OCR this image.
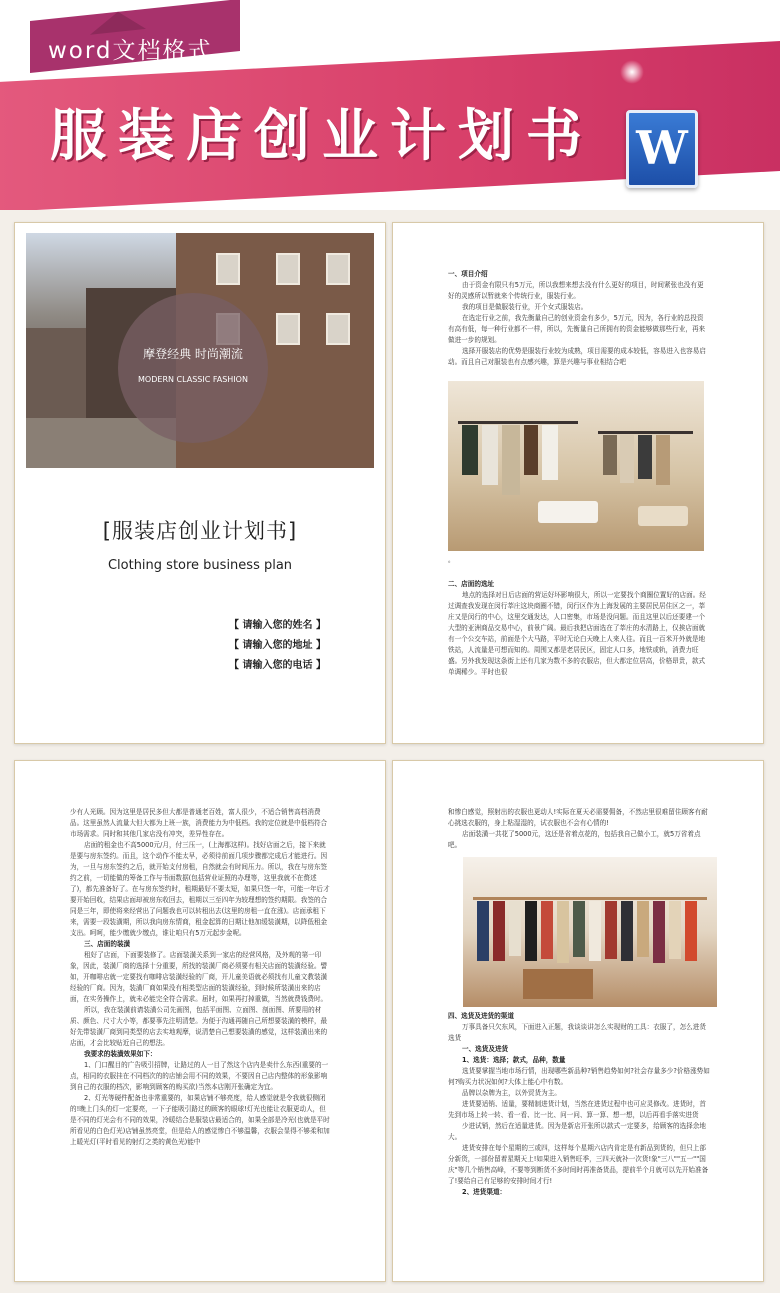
word文档格式
服装店创业计划书 W
摩登经典 时尚潮流
MODERN CLASSIC FASHION
[服装店创业计划书]
Clothing store business plan
【 请输入您的姓名 】
【 请输入您的地址 】
【 请输入您的电话 】
一、项目介绍
由于资金有限只有5万元，所以我想来想去没有什么更好的项目，时间紧张也没有更好的灵感所以暂就来个传统行业，服装行业。
我的项目是做服装行业，开个女式服装店。
在选定行业之前，我先衡量自己的创业资金有多少，5万元，因为，各行业的总投资有高有低，每一种行业都不一样，所以，先衡量自己所拥有的资金能够做那些行业，再来做进一步的规划。
选择开服装店的优势是服装行业较为成熟，项目需要的成本较低，容易进入也容易启动。而且自己对服装也有点感兴趣，算是兴趣与事业相结合吧
。
二、店面的选址
地点的选择对日后店面的营运好坏影响很大，所以一定要找个商圈位置好的店面。经过调查我发现在闵行莘庄这块商圈不错，闵行区作为上海发展的主要居民居住区之一，莘庄又是闵行的中心，这里交通发达，人口密集，市场是没问题。而且这里以后还要建一个大型的亚洲商品交易中心，前景广阔。最后我把店面选在了莘庄的水清路上，仅挨店面就有一个公交车站，前面是个大马路，平时无论白天晚上人来人往。而且一百米开外就是地铁站，人流量是可想而知的。周围又都是老居民区，固定人口多，地铁或轨，消费力旺盛。另外我发现这条街上还有几家为数不多的衣服店，但大都定位居高，价格昂贵，款式单调稀少。平时也很
少有人光顾。因为这里是居民多但大都是普通老百姓，富人很少，不适合销售高档消费品。这里虽然人流量大但大都为上班一族，消费能力为中低档。我的定位就是中低档符合市场需求。同时和其他几家店没有冲突，差异性存在。
店面的租金也不高5000元/月，付三压一，(上海都这样)。找好店面之后，接下来就是要与房东签约。而且，这个动作不能太早，必须待前面几项步骤都完成后才能进行。因为，一旦与房东签约之后，就开始支付房租，自然就会有时间压力。所以，我在与房东签约之前，一切能做的筹备工作与书面数据(包括营业证照的办理等，这里我就不在赘述了)，都先准备好了。在与房东签约时，租期最好不要太短，如果只签一年，可能一年后才要开始回收，结果店面却被房东收回去，租期以三至四年为较理想的签约期限。我签的合同是三年，即使将来经营出了问题我也可以转租出去(这里的房租一直在涨)。店面承租下来，需要一段装潢期，所以我向房东情商，租金起算的日期让他加缓装潢期，以降低租金支出。呵呵，能少缴就少缴点，谁让咱只有5万元起步金呢。
三、店面的装潢
租好了店面，下面要装修了。店面装潢关系到一家店的经营风格，及外观的第一印象，因此，装潢厂商的选择十分重要，所找的装潢厂商必须要有相关店面的装潢经验。譬如，开咖啡店就一定要找有咖啡店装潢经验的厂商，开儿童美语就必须找有儿童文教装潢经验的厂商。因为，装潢厂商如果没有相类型店面的装潢经验，到时候所装潢出来的店面，在实务操作上，就未必能完全符合需求。届时，如果再打掉重做，当然就费钱费时。
所以，我在装潢前请装潢公司先画图，包括平面图、立面图、剖面图、所要用的材质、颜色、尺寸大小等，都要事先注明清楚。为便于沟通再随自己所想要装潢的模样，最好先带装潢厂商到同类型的店去实地观摩，说清楚自己想要装潢的感觉，这样装潢出来的店面，才会比较贴近自己的想法。
我要求的装潢效果如下：
1、门口醒目的广告吸引招牌，让路过的人一目了然这个店内是卖什么东西(重要的一点，相同的衣服挂在不同档次的的店铺会用不同的效果，不要因自己店内整体的形象影响到自己的衣服的档次，影响到顾客的购买欲)当然本店刚开张确定为宜。
2、灯光等硬件配备也非常重要的，如果店铺不够亮度，给人感觉就是令我就很侧闭的!晚上门头的灯一定要亮，一下子能吸引路过的顾客的眼球!灯光也能让衣服更动人，但是不同的灯光会有不同的效果，冷暖结合是服装店最适合的，如果全部是冷光(也就是平时所看见的白色灯光)店铺虽然亮堂，但是给人的感觉惨白不够温馨，衣服会显得不够柔和加上暖光灯(平时看见的射灯之类的黄色光)能中
和惨白感觉，照射出的衣服也更动人!实际在夏天必需要佣备，不然店里很难留住顾客有耐心挑选衣服的，身上粘湿湿的，试衣服也不会有心情的!
店面装潢一共花了5000元，这还是省着点花的，包括我自己做小工，就5万省着点吧。
四、选货及进货的渠道
万事具备只欠东风，下面进入正题，我谈谈讲怎么实现财的工具：衣服了，怎么进货选货
一、选货及进货
1、选货：选择；款式，品种，数量
选货要掌握当地市场行情，出现哪些新品种?销售趋势如何?社会存量多少?价格涨势如何?购买力状况如何?大体上能心中有数。
品牌以杂牌为主，以外贸货为主。
进货要适销、适量，要精制进货计划，当然在进货过程中也可应灵修改。进货时，首先到市场上转一转、看一看、比一比、问一问、算一算、想一想，以后再看手落实进货
少进试销，然后在适量进货。因为是新店开张所以款式一定要多，给顾客的选择余地大。
进货安排在每个星期的三或四，这样每个星期六店内肯定是有新品到货的，但只上部分新货，一部份留着星期天上!如果进入销售旺季，三四天就补一次货!象"三八""五一""国庆"等几个销售高峰，不要等到断货不多时间时再准备货品，提前半个月就可以先开始准备了!要给自己有足够的安排时间才行!
2、进货渠道：
